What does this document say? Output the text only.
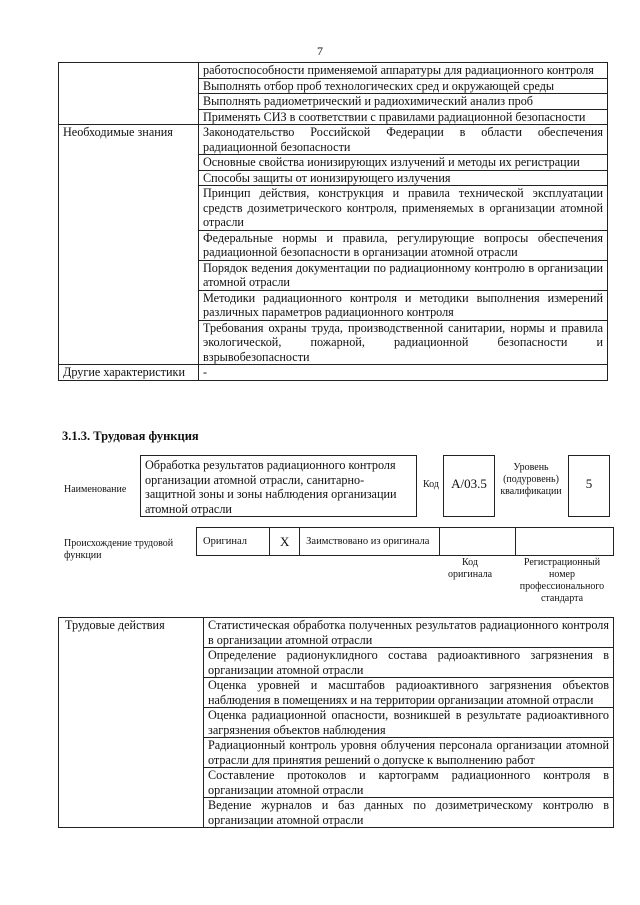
7
	работоспособности применяемой аппаратуры для радиационного контроля
	Выполнять отбор проб технологических сред и окружающей среды
	Выполнять радиометрический и радиохимический анализ проб
	Применять СИЗ в соответствии с правилами радиационной безопасности
Необходимые знания	Законодательство Российской Федерации в области обеспечения радиационной безопасности
	Основные свойства ионизирующих излучений и методы их регистрации
	Способы защиты от ионизирующего излучения
	Принцип действия, конструкция и правила технической эксплуатации средств дозиметрического контроля, применяемых в организации атомной отрасли
	Федеральные нормы и правила, регулирующие вопросы обеспечения радиационной безопасности в организации атомной отрасли
	Порядок ведения документации по радиационному контролю в организации атомной отрасли
	Методики радиационного контроля и методики выполнения измерений различных параметров радиационного контроля
	Требования охраны труда, производственной санитарии, нормы и правила экологической, пожарной, радиационной безопасности и взрывобезопасности
Другие характеристики	-
3.1.3. Трудовая функция
Наименование
Обработка результатов радиационного контроля организации атомной отрасли, санитарно-защитной зоны и зоны наблюдения организации атомной отрасли
Код А/03.5
Уровень (подуровень) квалификации
5
Происхождение трудовой функции
Оригинал	X	Заимствовано из оригинала		
Код оригинала
Регистрационный номер профессионального стандарта
Трудовые действия	Статистическая обработка полученных результатов радиационного контроля в организации атомной отрасли
Определение радионуклидного состава радиоактивного загрязнения в организации атомной отрасли
Оценка уровней и масштабов радиоактивного загрязнения объектов наблюдения в помещениях и на территории организации атомной отрасли
Оценка радиационной опасности, возникшей в результате радиоактивного загрязнения объектов наблюдения
Радиационный контроль уровня облучения персонала организации атомной отрасли для принятия решений о допуске к выполнению работ
Составление протоколов и картограмм радиационного контроля в организации атомной отрасли
Ведение журналов и баз данных по дозиметрическому контролю в организации атомной отрасли
